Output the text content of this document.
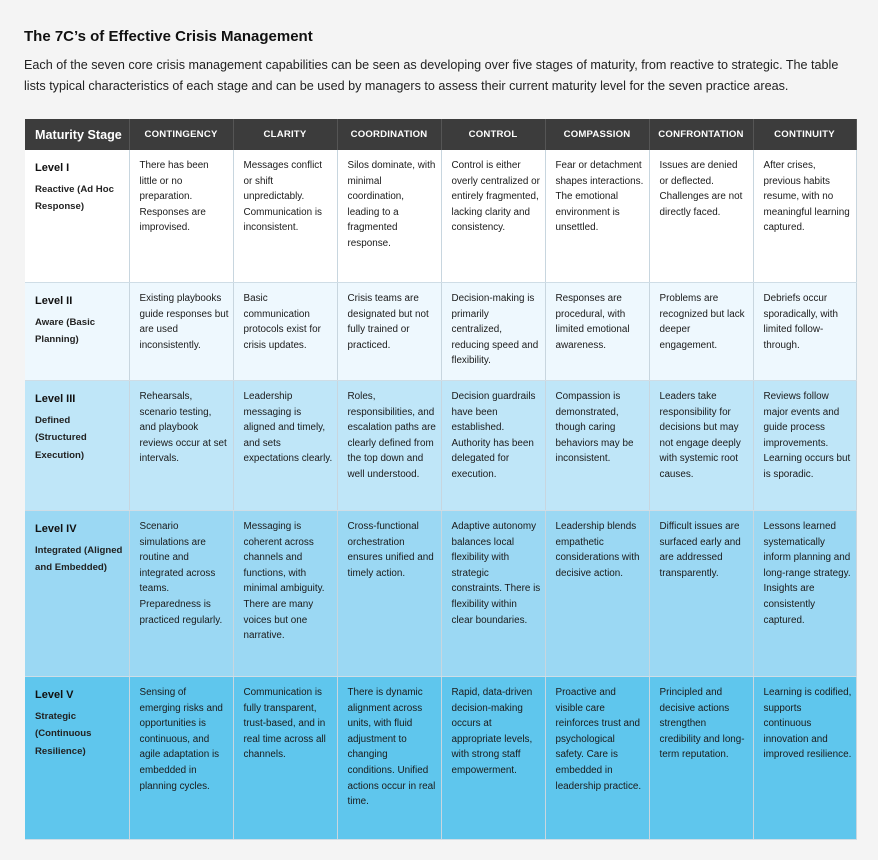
The 7C’s of Effective Crisis Management

Each of the seven core crisis management capabilities can be seen as developing over five stages of maturity, from reactive to strategic. The table lists typical characteristics of each stage and can be used by managers to assess their current maturity level for the seven practice areas.

Maturity Stage	CONTINGENCY	CLARITY	COORDINATION	CONTROL	COMPASSION	CONFRONTATION	CONTINUITY

Level I
Reactive (Ad Hoc Response)	There has been little or no preparation. Responses are improvised.	Messages conflict or shift unpredictably. Communication is inconsistent.	Silos dominate, with minimal coordination, leading to a fragmented response.	Control is either overly centralized or entirely fragmented, lacking clarity and consistency.	Fear or detachment shapes interactions. The emotional environment is unsettled.	Issues are denied or deflected. Challenges are not directly faced.	After crises, previous habits resume, with no meaningful learning captured.

Level II
Aware (Basic Planning)	Existing playbooks guide responses but are used inconsistently.	Basic communication protocols exist for crisis updates.	Crisis teams are designated but not fully trained or practiced.	Decision-making is primarily centralized, reducing speed and flexibility.	Responses are procedural, with limited emotional awareness.	Problems are recognized but lack deeper engagement.	Debriefs occur sporadically, with limited follow-through.

Level III
Defined (Structured Execution)	Rehearsals, scenario testing, and playbook reviews occur at set intervals.	Leadership messaging is aligned and timely, and sets expectations clearly.	Roles, responsibilities, and escalation paths are clearly defined from the top down and well understood.	Decision guardrails have been established. Authority has been delegated for execution.	Compassion is demonstrated, though caring behaviors may be inconsistent.	Leaders take responsibility for decisions but may not engage deeply with systemic root causes.	Reviews follow major events and guide process improvements. Learning occurs but is sporadic.

Level IV
Integrated (Aligned and Embedded)	Scenario simulations are routine and integrated across teams. Preparedness is practiced regularly.	Messaging is coherent across channels and functions, with minimal ambiguity. There are many voices but one narrative.	Cross-functional orchestration ensures unified and timely action.	Adaptive autonomy balances local flexibility with strategic constraints. There is flexibility within clear boundaries.	Leadership blends empathetic considerations with decisive action.	Difficult issues are surfaced early and are addressed transparently.	Lessons learned systematically inform planning and long-range strategy. Insights are consistently captured.

Level V
Strategic (Continuous Resilience)	Sensing of emerging risks and opportunities is continuous, and agile adaptation is embedded in planning cycles.	Communication is fully transparent, trust-based, and in real time across all channels.	There is dynamic alignment across units, with fluid adjustment to changing conditions. Unified actions occur in real time.	Rapid, data-driven decision-making occurs at appropriate levels, with strong staff empowerment.	Proactive and visible care reinforces trust and psychological safety. Care is embedded in leadership practice.	Principled and decisive actions strengthen credibility and long-term reputation.	Learning is codified, supports continuous innovation and improved resilience.
